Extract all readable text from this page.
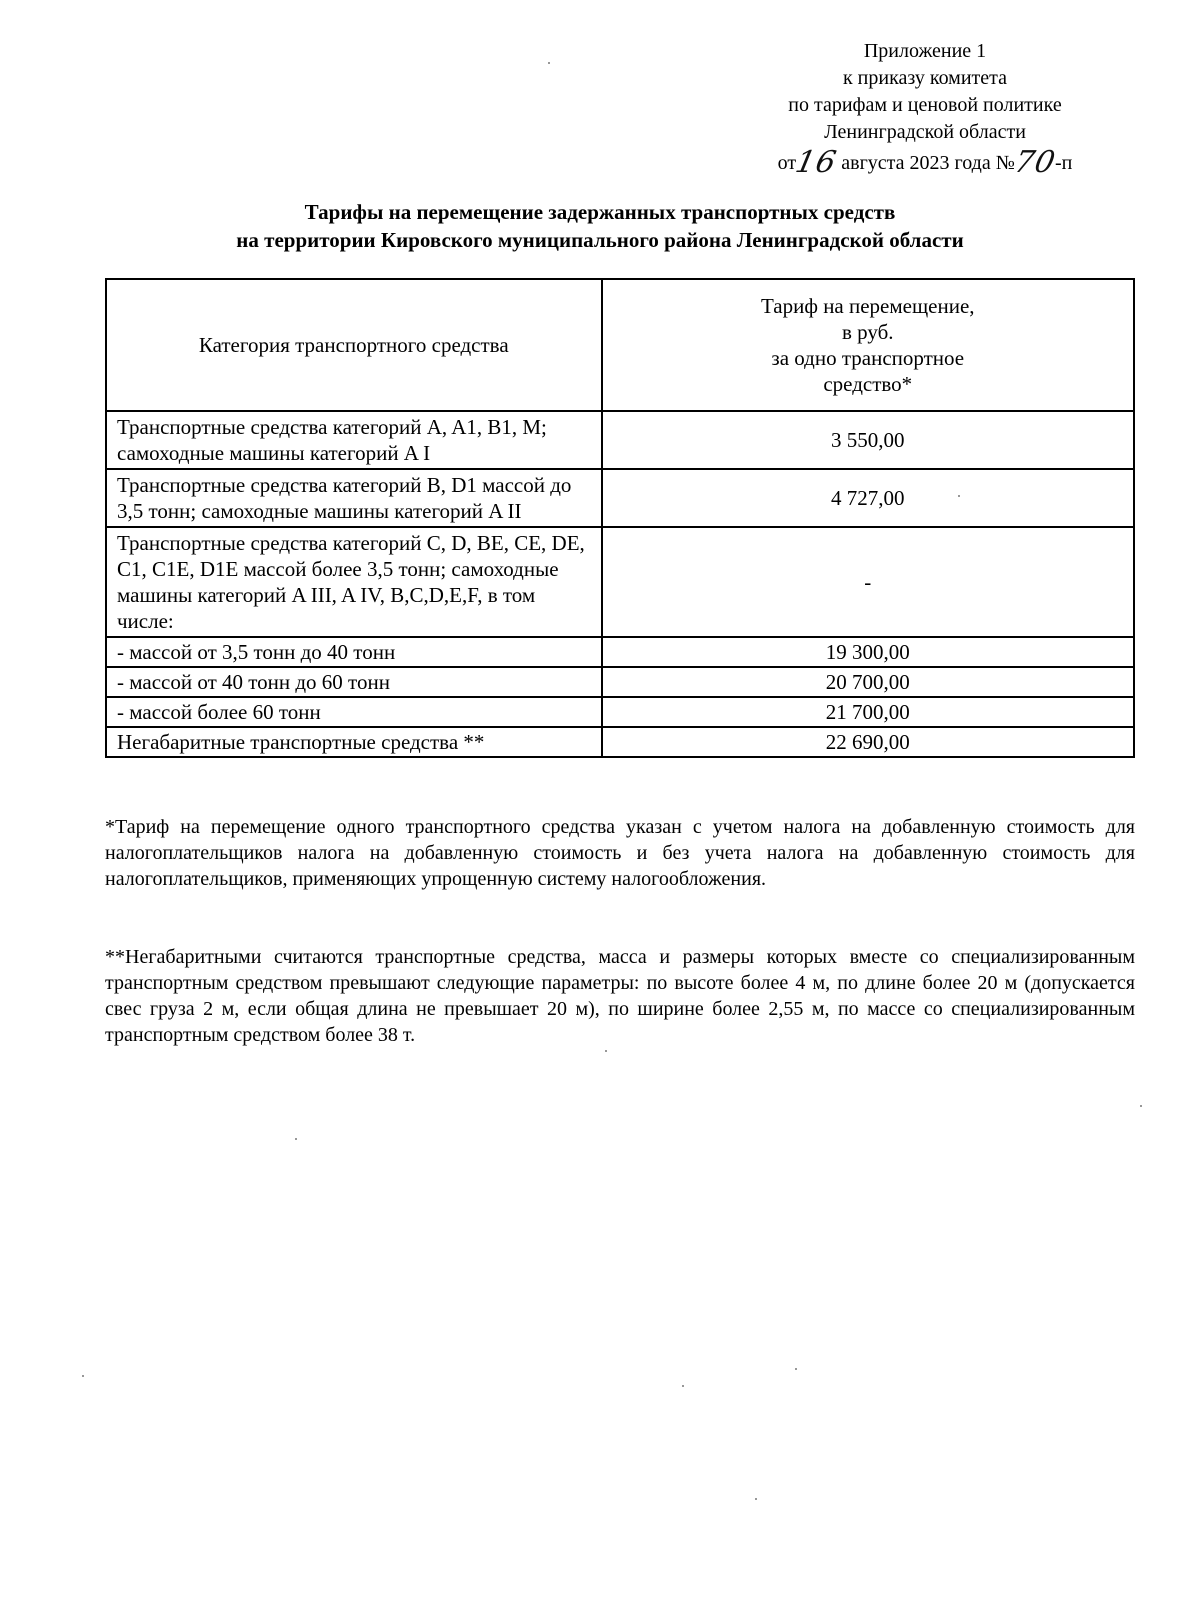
Приложение 1
к приказу комитета
по тарифам и ценовой политике
Ленинградской области
от16 августа 2023 года №70-п
Тарифы на перемещение задержанных транспортных средств
на территории Кировского муниципального района Ленинградской области
Категория транспортного средства	Тариф на перемещение,
в руб.
за одно транспортное
средство*

Транспортные средства категорий A, A1, B1, M; самоходные машины категорий A I	3 550,00
Транспортные средства категорий B, D1 массой до 3,5 тонн; самоходные машины категорий A II	4 727,00
Транспортные средства категорий C, D, BE, CE, DE, C1, C1E, D1E массой более 3,5 тонн; самоходные машины категорий A III, A IV, B,C,D,E,F, в том числе:	-
- массой от 3,5 тонн до 40 тонн	19 300,00
- массой от 40 тонн до 60 тонн	20 700,00
- массой более 60 тонн	21 700,00
Негабаритные транспортные средства **	22 690,00

*Тариф на перемещение одного транспортного средства указан с учетом налога на добавленную стоимость для налогоплательщиков налога на добавленную стоимость и без учета налога на добавленную стоимость для налогоплательщиков, применяющих упрощенную систему налогообложения.

**Негабаритными считаются транспортные средства, масса и размеры которых вместе со специализированным транспортным средством превышают следующие параметры: по высоте более 4 м, по длине более 20 м (допускается свес груза 2 м, если общая длина не превышает 20 м), по ширине более 2,55 м, по массе со специализированным транспортным средством более 38 т.
